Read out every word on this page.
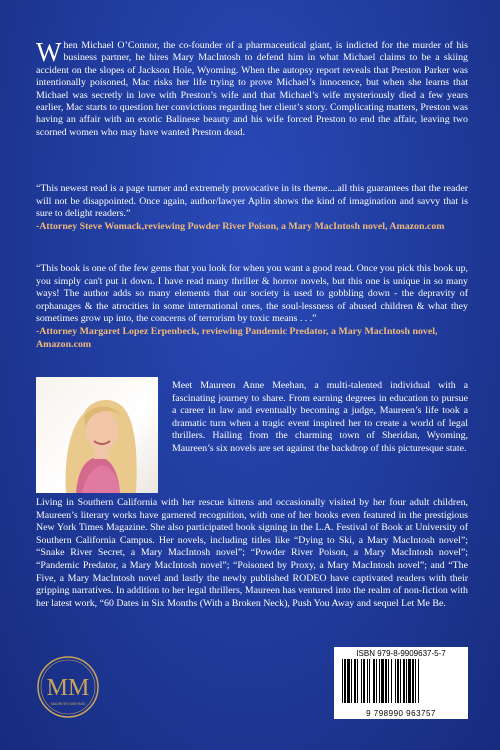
When Michael O’Connor, the co-founder of a pharmaceutical giant, is indicted for the murder of his business partner, he hires Mary MacIntosh to defend him in what Michael claims to be a skiing accident on the slopes of Jackson Hole, Wyoming. When the autopsy report reveals that Preston Parker was intentionally poisoned, Mac risks her life trying to prove Michael’s innocence, but when she learns that Michael was secretly in love with Preston’s wife and that Michael’s wife mysteriously died a few years earlier, Mac starts to question her convictions regarding her client’s story. Complicating matters, Preston was having an affair with an exotic Balinese beauty and his wife forced Preston to end the affair, leaving two scorned women who may have wanted Preston dead.
“This newest read is a page turner and extremely provocative in its theme....all this guarantees that the reader will not be disappointed. Once again, author/lawyer Aplin shows the kind of imagination and savvy that is sure to delight readers.”
-Attorney Steve Womack,reviewing Powder River Poison, a Mary MacIntosh novel, Amazon.com
“This book is one of the few gems that you look for when you want a good read. Once you pick this book up, you simply can't put it down. I have read many thriller & horror novels, but this one is unique in so many ways! The author adds so many elements that our society is used to gobbling down - the depravity of orphanages & the atrocities in some international ones, the soul-lessness of abused children & what they sometimes grow up into, the concerns of terrorism by toxic means . . .”
-Attorney Margaret Lopez Erpenbeck, reviewing Pandemic Predator, a Mary MacIntosh novel, Amazon.com
Meet Maureen Anne Meehan, a multi-talented individual with a fascinating journey to share. From earning degrees in education to pursue a career in law and eventually becoming a judge, Maureen’s life took a dramatic turn when a tragic event inspired her to create a world of legal thrillers. Hailing from the charming town of Sheridan, Wyoming, Maureen’s six novels are set against the backdrop of this picturesque state.
Living in Southern California with her rescue kittens and occasionally visited by her four adult children, Maureen’s literary works have garnered recognition, with one of her books even featured in the prestigious New York Times Magazine. She also participated book signing in the L.A. Festival of Book at University of Southern California Campus. Her novels, including titles like “Dying to Ski, a Mary MacIntosh novel”; “Snake River Secret, a Mary MacIntosh novel”; “Powder River Poison, a Mary MacIntosh novel”; “Pandemic Predator, a Mary MacIntosh novel”; “Poisoned by Proxy, a Mary MacIntosh novel”; and “The Five, a Mary MacIntosh novel and lastly the newly published RODEO have captivated readers with their gripping narratives. In addition to her legal thrillers, Maureen has ventured into the realm of non-fiction with her latest work, “60 Dates in Six Months (With a Broken Neck), Push You Away and sequel Let Me Be.
MM
MAUREEN MEEHAN
ISBN 979-8-9909637-5-7
9 798990 963757
